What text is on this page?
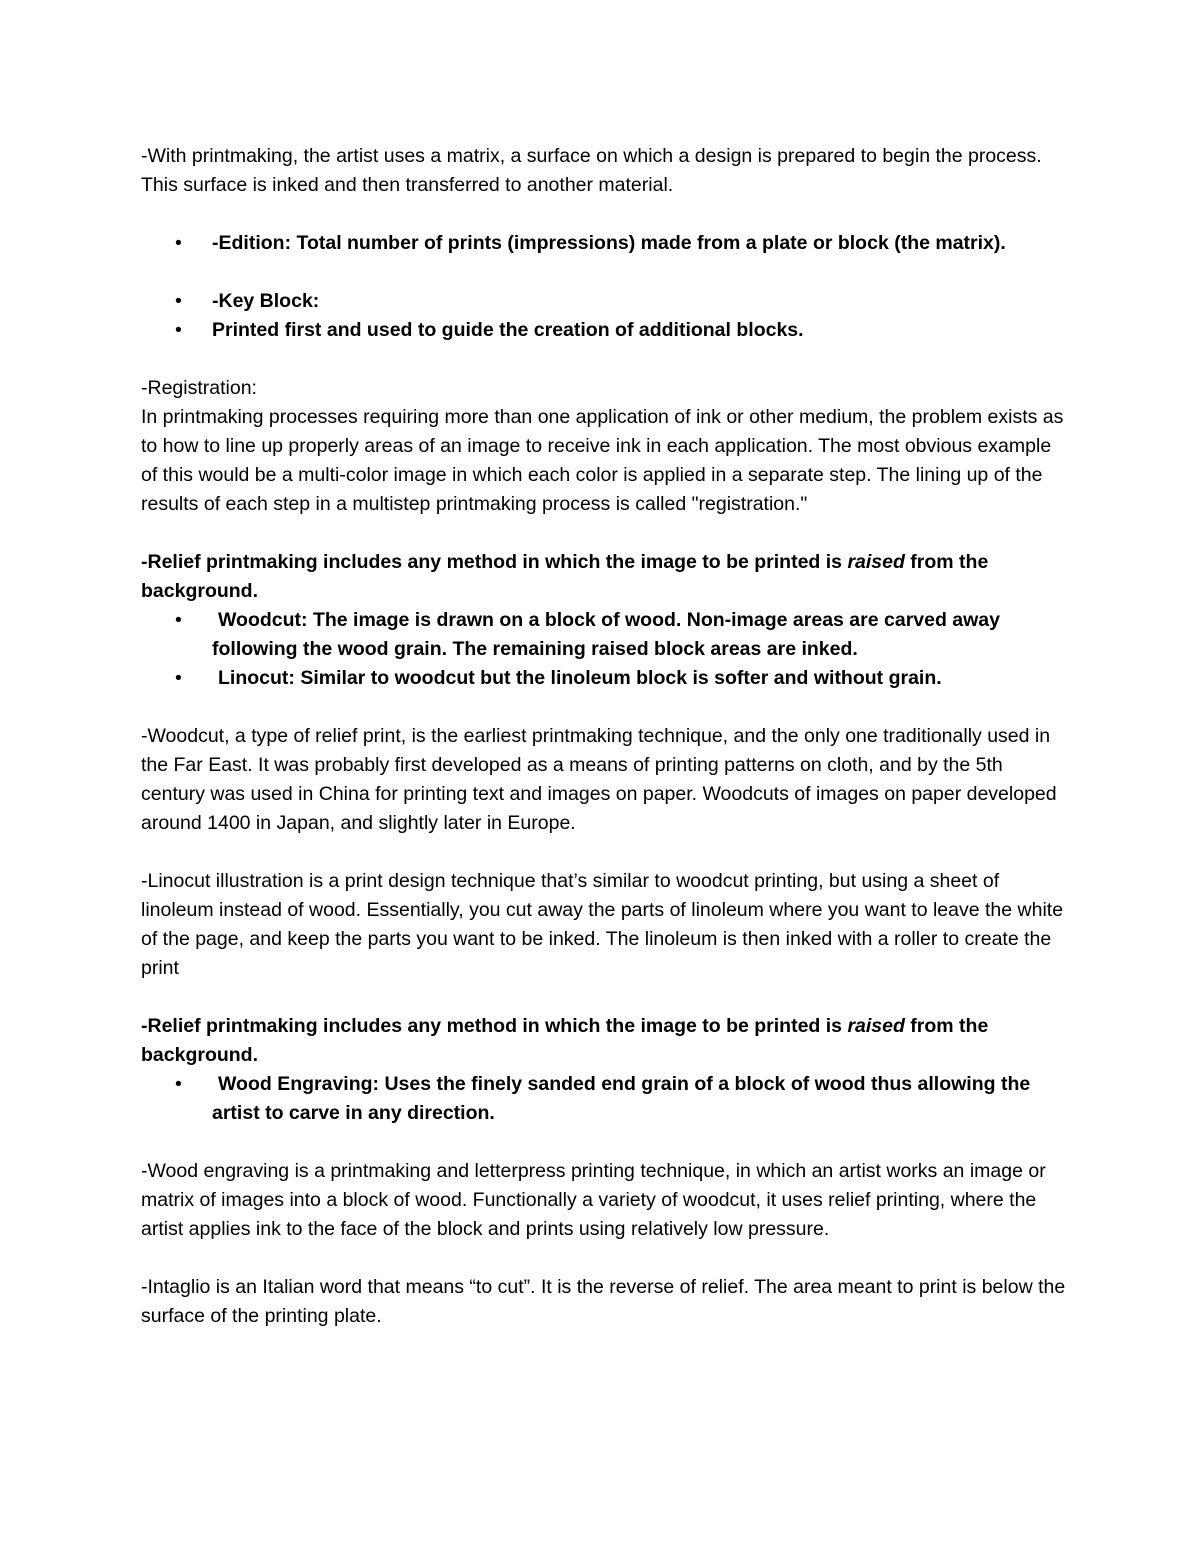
-With printmaking, the artist uses a matrix, a surface on which a design is prepared to begin the process. This surface is inked and then transferred to another material.

• -Edition: Total number of prints (impressions) made from a plate or block (the matrix).
• -Key Block:
• Printed first and used to guide the creation of additional blocks.

-Registration:

In printmaking processes requiring more than one application of ink or other medium, the problem exists as to how to line up properly areas of an image to receive ink in each application. The most obvious example of this would be a multi-color image in which each color is applied in a separate step. The lining up of the results of each step in a multistep printmaking process is called "registration."

-Relief printmaking includes any method in which the image to be printed is raised from the background.

• Woodcut: The image is drawn on a block of wood. Non-image areas are carved away following the wood grain. The remaining raised block areas are inked.
• Linocut: Similar to woodcut but the linoleum block is softer and without grain.

-Woodcut, a type of relief print, is the earliest printmaking technique, and the only one traditionally used in the Far East. It was probably first developed as a means of printing patterns on cloth, and by the 5th century was used in China for printing text and images on paper. Woodcuts of images on paper developed around 1400 in Japan, and slightly later in Europe.

-Linocut illustration is a print design technique that’s similar to woodcut printing, but using a sheet of linoleum instead of wood. Essentially, you cut away the parts of linoleum where you want to leave the white of the page, and keep the parts you want to be inked. The linoleum is then inked with a roller to create the print

-Relief printmaking includes any method in which the image to be printed is raised from the background.

• Wood Engraving: Uses the finely sanded end grain of a block of wood thus allowing the artist to carve in any direction.

-Wood engraving is a printmaking and letterpress printing technique, in which an artist works an image or matrix of images into a block of wood. Functionally a variety of woodcut, it uses relief printing, where the artist applies ink to the face of the block and prints using relatively low pressure.

-Intaglio is an Italian word that means “to cut”. It is the reverse of relief. The area meant to print is below the surface of the printing plate.
